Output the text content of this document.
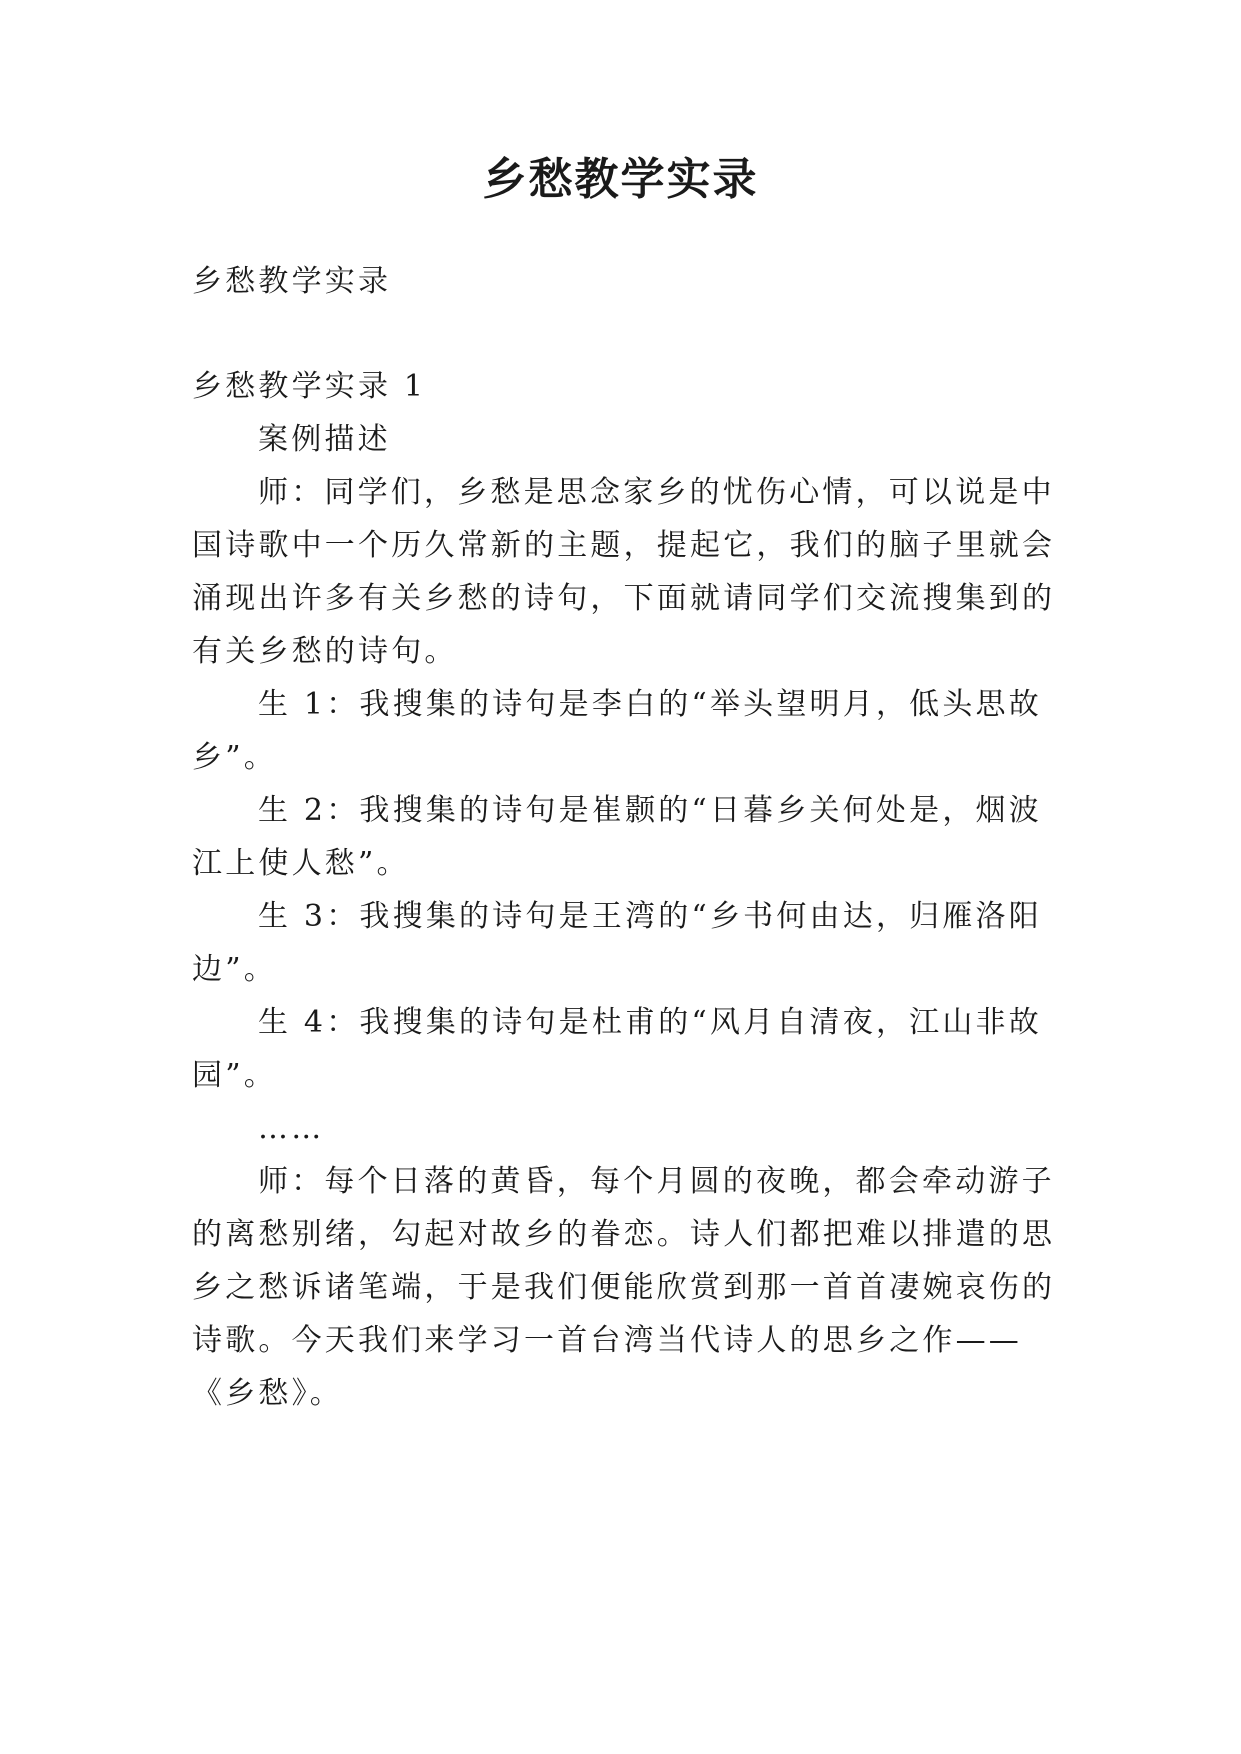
乡愁教学实录
乡愁教学实录
乡愁教学实录 1
案例描述
师：同学们，乡愁是思念家乡的忧伤心情，可以说是中
国诗歌中一个历久常新的主题，提起它，我们的脑子里就会
涌现出许多有关乡愁的诗句，下面就请同学们交流搜集到的
有关乡愁的诗句。
生 1：我搜集的诗句是李白的“举头望明月，低头思故
乡”。
生 2：我搜集的诗句是崔颢的“日暮乡关何处是，烟波
江上使人愁”。
生 3：我搜集的诗句是王湾的“乡书何由达，归雁洛阳
边”。
生 4：我搜集的诗句是杜甫的“风月自清夜，江山非故
园”。
……
师：每个日落的黄昏，每个月圆的夜晚，都会牵动游子
的离愁别绪，勾起对故乡的眷恋。诗人们都把难以排遣的思
乡之愁诉诸笔端，于是我们便能欣赏到那一首首凄婉哀伤的
诗歌。今天我们来学习一首台湾当代诗人的思乡之作——
《乡愁》。
